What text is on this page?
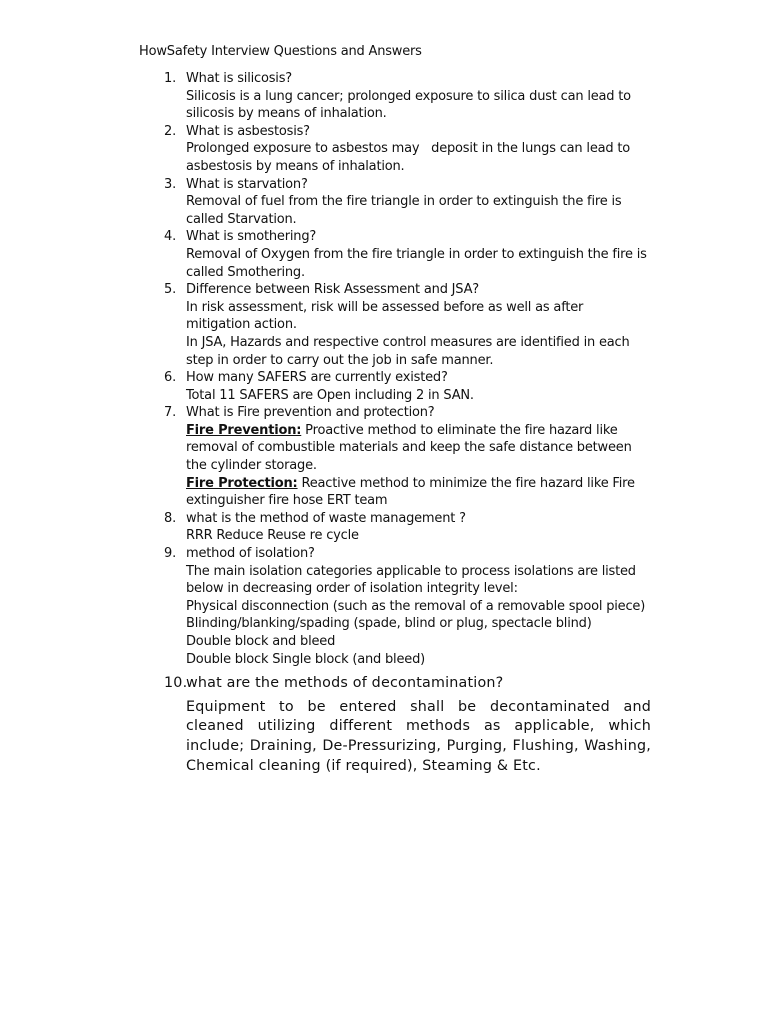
HowSafety Interview Questions and Answers
1. What is silicosis?

Silicosis is a lung cancer; prolonged exposure to silica dust can lead to silicosis by means of inhalation.

2. What is asbestosis?

Prolonged exposure to asbestos may   deposit in the lungs can lead to asbestosis by means of inhalation.

3. What is starvation?

Removal of fuel from the fire triangle in order to extinguish the fire is called Starvation.

4. What is smothering?

Removal of Oxygen from the fire triangle in order to extinguish the fire is called Smothering.

5. Difference between Risk Assessment and JSA?

In risk assessment, risk will be assessed before as well as after mitigation action.

In JSA, Hazards and respective control measures are identified in each step in order to carry out the job in safe manner.

6. How many SAFERS are currently existed?

Total 11 SAFERS are Open including 2 in SAN.

7. What is Fire prevention and protection?

Fire Prevention: Proactive method to eliminate the fire hazard like removal of combustible materials and keep the safe distance between the cylinder storage.

Fire Protection: Reactive method to minimize the fire hazard like Fire extinguisher fire hose ERT team

8. what is the method of waste management ?

RRR Reduce Reuse re cycle

9. method of isolation?

The main isolation categories applicable to process isolations are listed below in decreasing order of isolation integrity level:

Physical disconnection (such as the removal of a removable spool piece)

Blinding/blanking/spading (spade, blind or plug, spectacle blind)

Double block and bleed

Double block Single block (and bleed)

10.

what are the methods of decontamination?

Equipment to be entered shall be decontaminated and cleaned utilizing different methods as applicable, which include; Draining, De-Pressurizing, Purging, Flushing, Washing, Chemical cleaning (if required), Steaming & Etc.
